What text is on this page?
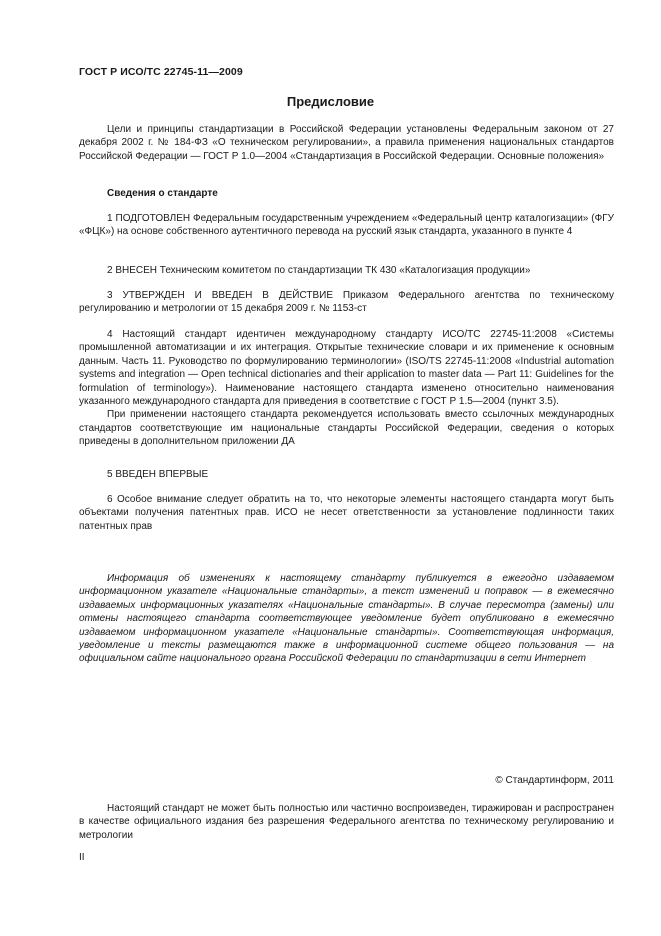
ГОСТ Р ИСО/ТС 22745-11—2009
Предисловие

Цели и принципы стандартизации в Российской Федерации установлены Федеральным законом от 27 декабря 2002 г. № 184-ФЗ «О техническом регулировании», а правила применения национальных стандартов Российской Федерации — ГОСТ Р 1.0—2004 «Стандартизация в Российской Федерации. Основные положения»

Сведения о стандарте

1 ПОДГОТОВЛЕН Федеральным государственным учреждением «Федеральный центр каталогизации» (ФГУ «ФЦК») на основе собственного аутентичного перевода на русский язык стандарта, указанного в пункте 4

2 ВНЕСЕН Техническим комитетом по стандартизации ТК 430 «Каталогизация продукции»

3 УТВЕРЖДЕН И ВВЕДЕН В ДЕЙСТВИЕ Приказом Федерального агентства по техническому регулированию и метрологии от 15 декабря 2009 г. № 1153-ст

4 Настоящий стандарт идентичен международному стандарту ИСО/ТС 22745-11:2008 «Системы промышленной автоматизации и их интеграция. Открытые технические словари и их применение к основным данным. Часть 11. Руководство по формулированию терминологии» (ISO/TS 22745-11:2008 «Industrial automation systems and integration — Open technical dictionaries and their application to master data — Part 11: Guidelines for the formulation of terminology»). Наименование настоящего стандарта изменено относительно наименования указанного международного стандарта для приведения в соответствие с ГОСТ Р 1.5—2004 (пункт 3.5).

При применении настоящего стандарта рекомендуется использовать вместо ссылочных международных стандартов соответствующие им национальные стандарты Российской Федерации, сведения о которых приведены в дополнительном приложении ДА

5 ВВЕДЕН ВПЕРВЫЕ

6 Особое внимание следует обратить на то, что некоторые элементы настоящего стандарта могут быть объектами получения патентных прав. ИСО не несет ответственности за установление подлинности таких патентных прав

Информация об изменениях к настоящему стандарту публикуется в ежегодно издаваемом информационном указателе «Национальные стандарты», а текст изменений и поправок — в ежемесячно издаваемых информационных указателях «Национальные стандарты». В случае пересмотра (замены) или отмены настоящего стандарта соответствующее уведомление будет опубликовано в ежемесячно издаваемом информационном указателе «Национальные стандарты». Соответствующая информация, уведомление и тексты размещаются также в информационной системе общего пользования — на официальном сайте национального органа Российской Федерации по стандартизации в сети Интернет

© Стандартинформ, 2011

Настоящий стандарт не может быть полностью или частично воспроизведен, тиражирован и распространен в качестве официального издания без разрешения Федерального агентства по техническому регулированию и метрологии

II
